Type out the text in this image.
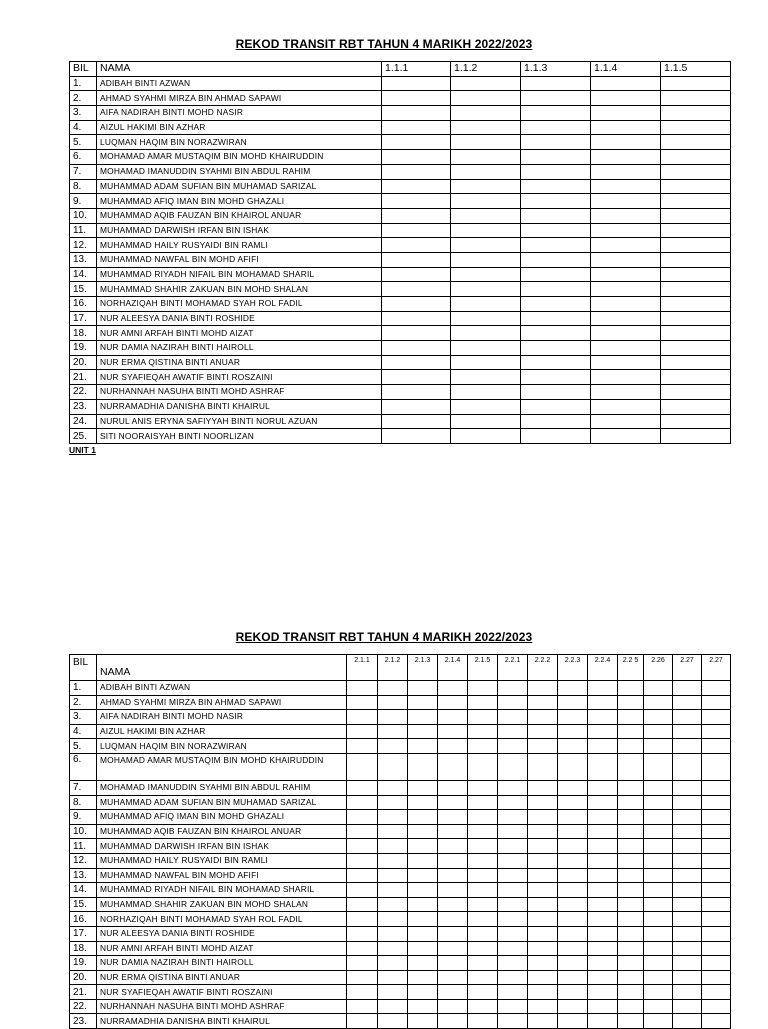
REKOD TRANSIT RBT TAHUN 4 MARIKH 2022/2023
BIL	NAMA	1.1.1	1.1.2	1.1.3	1.1.4	1.1.5
1.	ADIBAH BINTI AZWAN					
2.	AHMAD SYAHMI MIRZA BIN AHMAD SAPAWI					
3.	AIFA NADIRAH BINTI MOHD NASIR					
4.	AIZUL HAKIMI BIN AZHAR					
5.	LUQMAN HAQIM BIN NORAZWIRAN					
6.	MOHAMAD AMAR MUSTAQIM BIN MOHD KHAIRUDDIN					
7.	MOHAMAD IMANUDDIN SYAHMI BIN ABDUL RAHIM					
8.	MUHAMMAD ADAM SUFIAN BIN MUHAMAD SARIZAL					
9.	MUHAMMAD AFIQ IMAN BIN MOHD GHAZALI					
10.	MUHAMMAD AQIB FAUZAN BIN KHAIROL ANUAR					
11.	MUHAMMAD DARWISH IRFAN BIN ISHAK					
12.	MUHAMMAD HAILY RUSYAIDI BIN RAMLI					
13.	MUHAMMAD NAWFAL BIN MOHD AFIFI					
14.	MUHAMMAD RIYADH NIFAIL BIN MOHAMAD SHARIL					
15.	MUHAMMAD SHAHIR ZAKUAN BIN MOHD SHALAN					
16.	NORHAZIQAH BINTI MOHAMAD SYAH ROL FADIL					
17.	NUR ALEESYA DANIA BINTI ROSHIDE					
18.	NUR AMNI ARFAH BINTI MOHD AIZAT					
19.	NUR DAMIA NAZIRAH BINTI HAIROLL					
20.	NUR ERMA QISTINA BINTI ANUAR					
21.	NUR SYAFIEQAH AWATIF BINTI ROSZAINI					
22.	NURHANNAH NASUHA BINTI MOHD ASHRAF					
23.	NURRAMADHIA DANISHA BINTI KHAIRUL					
24.	NURUL ANIS ERYNA SAFIYYAH BINTI NORUL AZUAN					
25.	SITI NOORAISYAH BINTI NOORLIZAN					
UNIT 1
REKOD TRANSIT RBT TAHUN 4 MARIKH 2022/2023
BIL	NAMA	2.1.1	2.1.2	2.1.3	2.1.4	2.1.5	2.2.1	2.2.2	2.2.3	2.2.4	2.2 5	2.26	2.27	2.27
1.	ADIBAH BINTI AZWAN													
2.	AHMAD SYAHMI MIRZA BIN AHMAD SAPAWI													
3.	AIFA NADIRAH BINTI MOHD NASIR													
4.	AIZUL HAKIMI BIN AZHAR													
5.	LUQMAN HAQIM BIN NORAZWIRAN													
6.	MOHAMAD AMAR MUSTAQIM BIN MOHD KHAIRUDDIN													
7.	MOHAMAD IMANUDDIN SYAHMI BIN ABDUL RAHIM													
8.	MUHAMMAD ADAM SUFIAN BIN MUHAMAD SARIZAL													
9.	MUHAMMAD AFIQ IMAN BIN MOHD GHAZALI													
10.	MUHAMMAD AQIB FAUZAN BIN KHAIROL ANUAR													
11.	MUHAMMAD DARWISH IRFAN BIN ISHAK													
12.	MUHAMMAD HAILY RUSYAIDI BIN RAMLI													
13.	MUHAMMAD NAWFAL BIN MOHD AFIFI													
14.	MUHAMMAD RIYADH NIFAIL BIN MOHAMAD SHARIL													
15.	MUHAMMAD SHAHIR ZAKUAN BIN MOHD SHALAN													
16.	NORHAZIQAH BINTI MOHAMAD SYAH ROL FADIL													
17.	NUR ALEESYA DANIA BINTI ROSHIDE													
18.	NUR AMNI ARFAH BINTI MOHD AIZAT													
19.	NUR DAMIA NAZIRAH BINTI HAIROLL													
20.	NUR ERMA QISTINA BINTI ANUAR													
21.	NUR SYAFIEQAH AWATIF BINTI ROSZAINI													
22.	NURHANNAH NASUHA BINTI MOHD ASHRAF													
23.	NURRAMADHIA DANISHA BINTI KHAIRUL													
